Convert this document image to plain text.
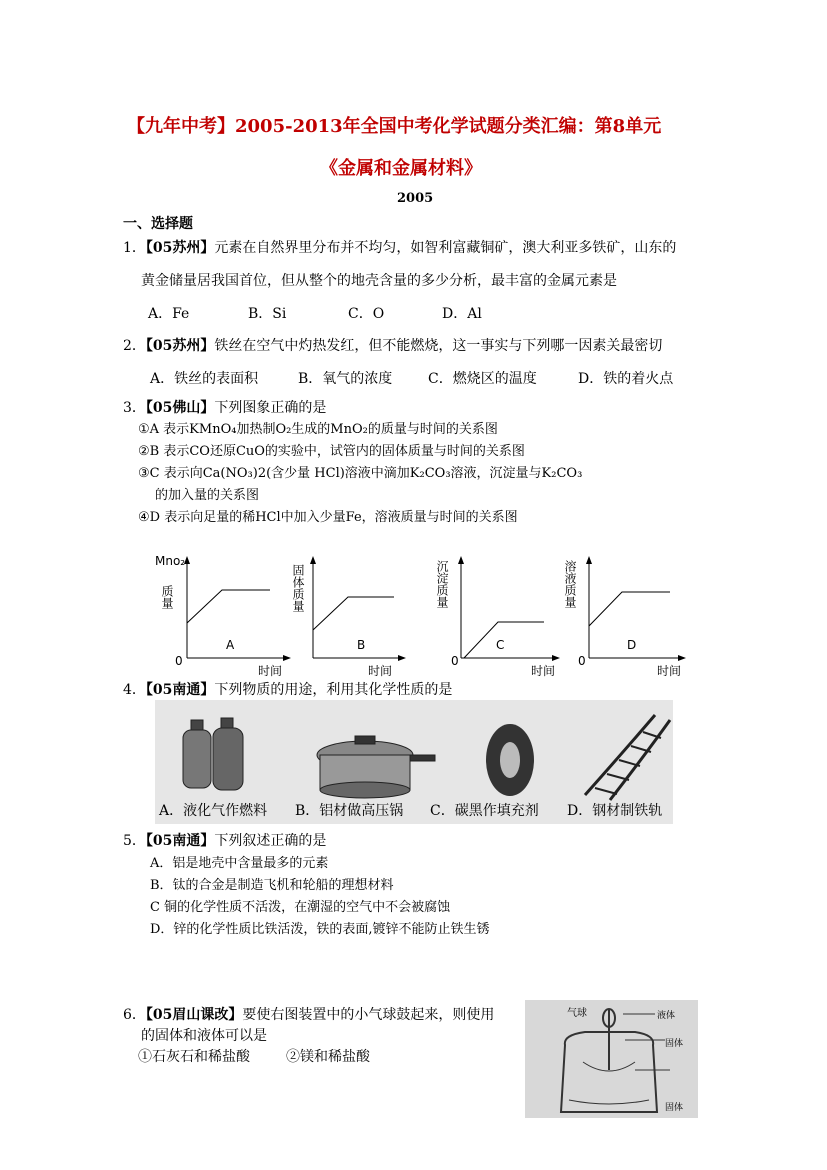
【九年中考】2005-2013年全国中考化学试题分类汇编：第8单元
《金属和金属材料》
2005
一、选择题
1．【05苏州】元素在自然界里分布并不均匀，如智利富藏铜矿，澳大利亚多铁矿，山东的
黄金储量居我国首位，但从整个的地壳含量的多少分析，最丰富的金属元素是
A．Fe	B．Si	C．O	D．Al
2．【05苏州】铁丝在空气中灼热发红，但不能燃烧，这一事实与下列哪一因素关最密切
A．铁丝的表面积	B．氧气的浓度	C．燃烧区的温度	D．铁的着火点
3．【05佛山】下列图象正确的是
①A 表示KMnO₄加热制O₂生成的MnO₂的质量与时间的关系图
②B 表示CO还原CuO的实验中，试管内的固体质量与时间的关系图
③C 表示向Ca(NO₃)2(含少量 HCl)溶液中滴加K₂CO₃溶液，沉淀量与K₂CO₃
的加入量的关系图
④D 表示向足量的稀HCl中加入少量Fe，溶液质量与时间的关系图
Mno₂
质量
A
0
时间
固体质量
B
时间
沉淀质量
C
0
时间
溶液质量
D
0
时间
4．【05南通】下列物质的用途，利用其化学性质的是
A．液化气作燃料 B．铝材做高压锅 C．碳黑作填充剂 D．钢材制铁轨
5．【05南通】下列叙述正确的是
A．铝是地壳中含量最多的元素
B．钛的合金是制造飞机和轮船的理想材料
C 铜的化学性质不活泼，在潮湿的空气中不会被腐蚀
D．锌的化学性质比铁活泼，铁的表面,镀锌不能防止铁生锈
6．【05眉山课改】要使右图装置中的小气球鼓起来，则使用
的固体和液体可以是
①石灰石和稀盐酸	②镁和稀盐酸
气球	液体
固体
固体
